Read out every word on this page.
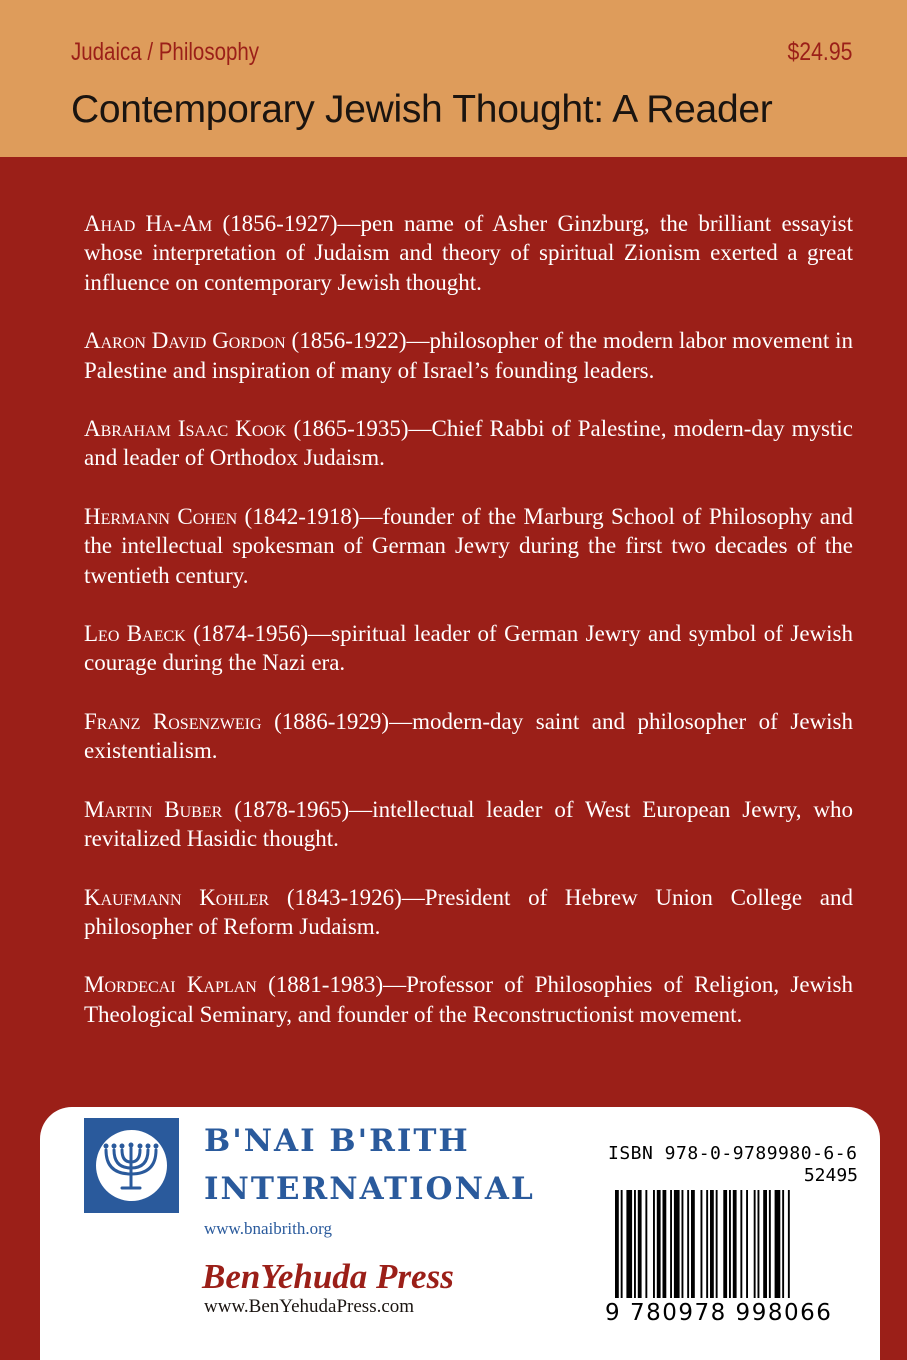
Judaica / Philosophy	$24.95
Contemporary Jewish Thought: A Reader

Ahad Ha-Am (1856-1927)—pen name of Asher Ginzburg, the brilliant essayist whose interpretation of Judaism and theory of spiritual Zionism exerted a great influence on contemporary Jewish thought.

Aaron David Gordon (1856-1922)—philosopher of the modern labor movement in Palestine and inspiration of many of Israel’s founding leaders.

Abraham Isaac Kook (1865-1935)—Chief Rabbi of Palestine, modern-day mystic and leader of Orthodox Judaism.

Hermann Cohen (1842-1918)—founder of the Marburg School of Philosophy and the intellectual spokesman of German Jewry during the first two decades of the twentieth century.

Leo Baeck (1874-1956)—spiritual leader of German Jewry and symbol of Jewish courage during the Nazi era.

Franz Rosenzweig (1886-1929)—modern-day saint and philosopher of Jewish existentialism.

Martin Buber (1878-1965)—intellectual leader of West European Jewry, who revitalized Hasidic thought.

Kaufmann Kohler (1843-1926)—President of Hebrew Union College and philosopher of Reform Judaism.

Mordecai Kaplan (1881-1983)—Professor of Philosophies of Religion, Jewish Theological Seminary, and founder of the Reconstructionist movement.

B'NAI B'RITH
INTERNATIONAL
www.bnaibrith.org
BenYehuda Press
www.BenYehudaPress.com
ISBN 978-0-9789980-6-6
52495
9 780978 998066
